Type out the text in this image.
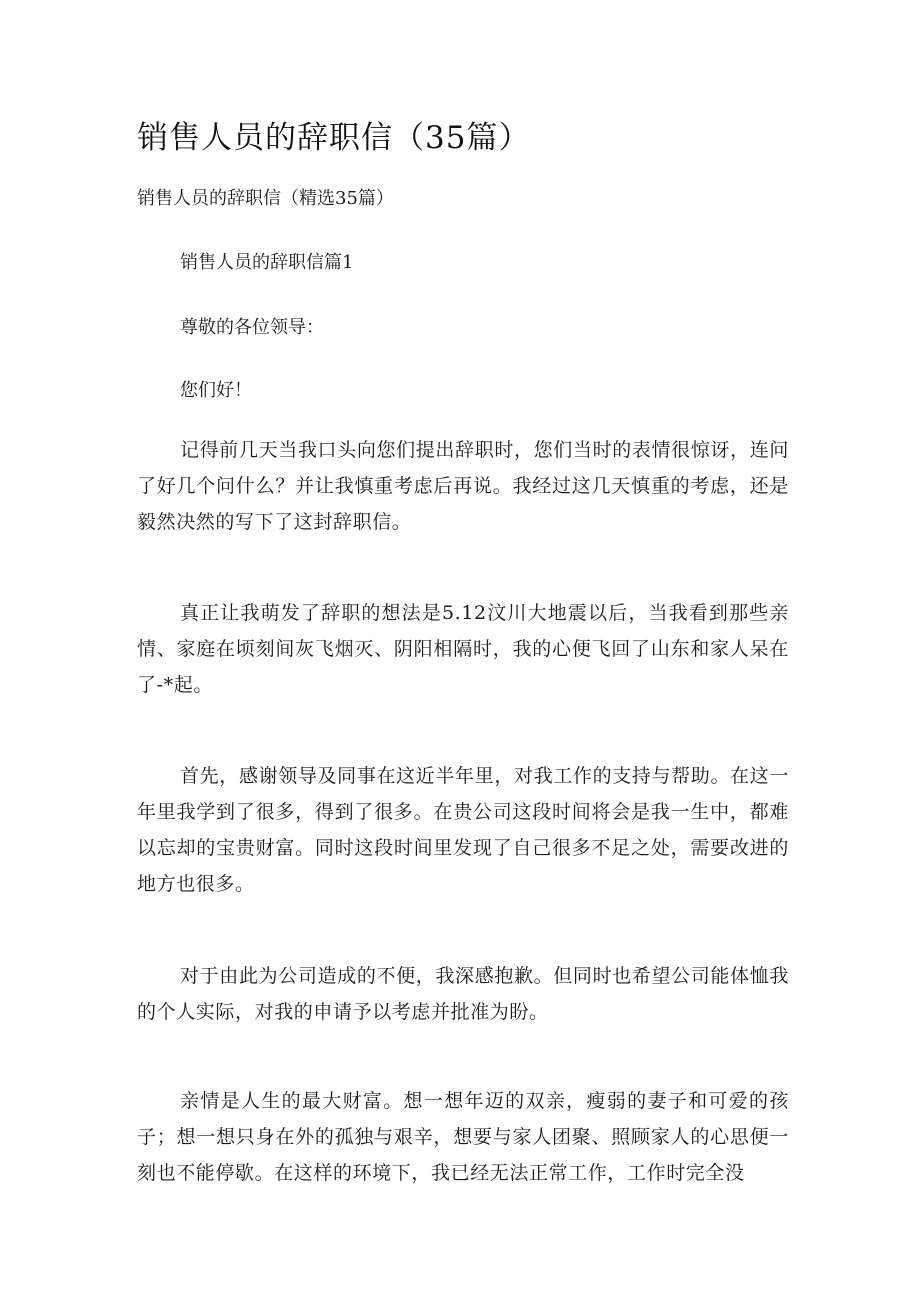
销售人员的辞职信（35篇）

销售人员的辞职信（精选35篇）

销售人员的辞职信篇1

尊敬的各位领导：

您们好！

记得前几天当我口头向您们提出辞职时，您们当时的表情很惊讶，连问了好几个问什么？并让我慎重考虑后再说。我经过这几天慎重的考虑，还是毅然决然的写下了这封辞职信。

真正让我萌发了辞职的想法是5.12汶川大地震以后，当我看到那些亲情、家庭在顷刻间灰飞烟灭、阴阳相隔时，我的心便飞回了山东和家人呆在了-*起。

首先，感谢领导及同事在这近半年里，对我工作的支持与帮助。在这一年里我学到了很多，得到了很多。在贵公司这段时间将会是我一生中，都难以忘却的宝贵财富。同时这段时间里发现了自己很多不足之处，需要改进的地方也很多。

对于由此为公司造成的不便，我深感抱歉。但同时也希望公司能体恤我的个人实际，对我的申请予以考虑并批准为盼。

亲情是人生的最大财富。想一想年迈的双亲，瘦弱的妻子和可爱的孩子；想一想只身在外的孤独与艰辛，想要与家人团聚、照顾家人的心思便一刻也不能停歇。在这样的环境下，我已经无法正常工作，工作时完全没
